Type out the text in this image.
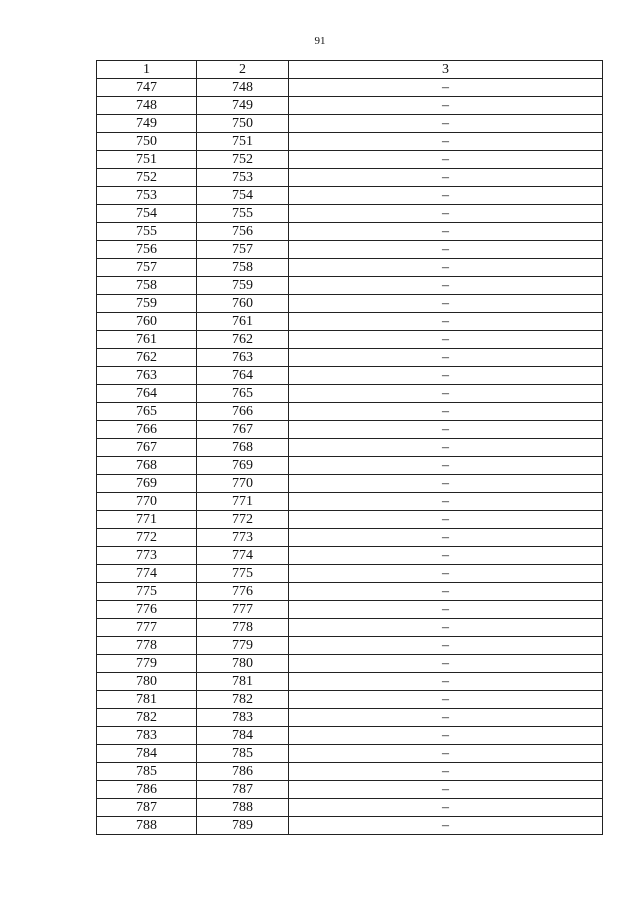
91
1	2	3
747	748	–
748	749	–
749	750	–
750	751	–
751	752	–
752	753	–
753	754	–
754	755	–
755	756	–
756	757	–
757	758	–
758	759	–
759	760	–
760	761	–
761	762	–
762	763	–
763	764	–
764	765	–
765	766	–
766	767	–
767	768	–
768	769	–
769	770	–
770	771	–
771	772	–
772	773	–
773	774	–
774	775	–
775	776	–
776	777	–
777	778	–
778	779	–
779	780	–
780	781	–
781	782	–
782	783	–
783	784	–
784	785	–
785	786	–
786	787	–
787	788	–
788	789	–
